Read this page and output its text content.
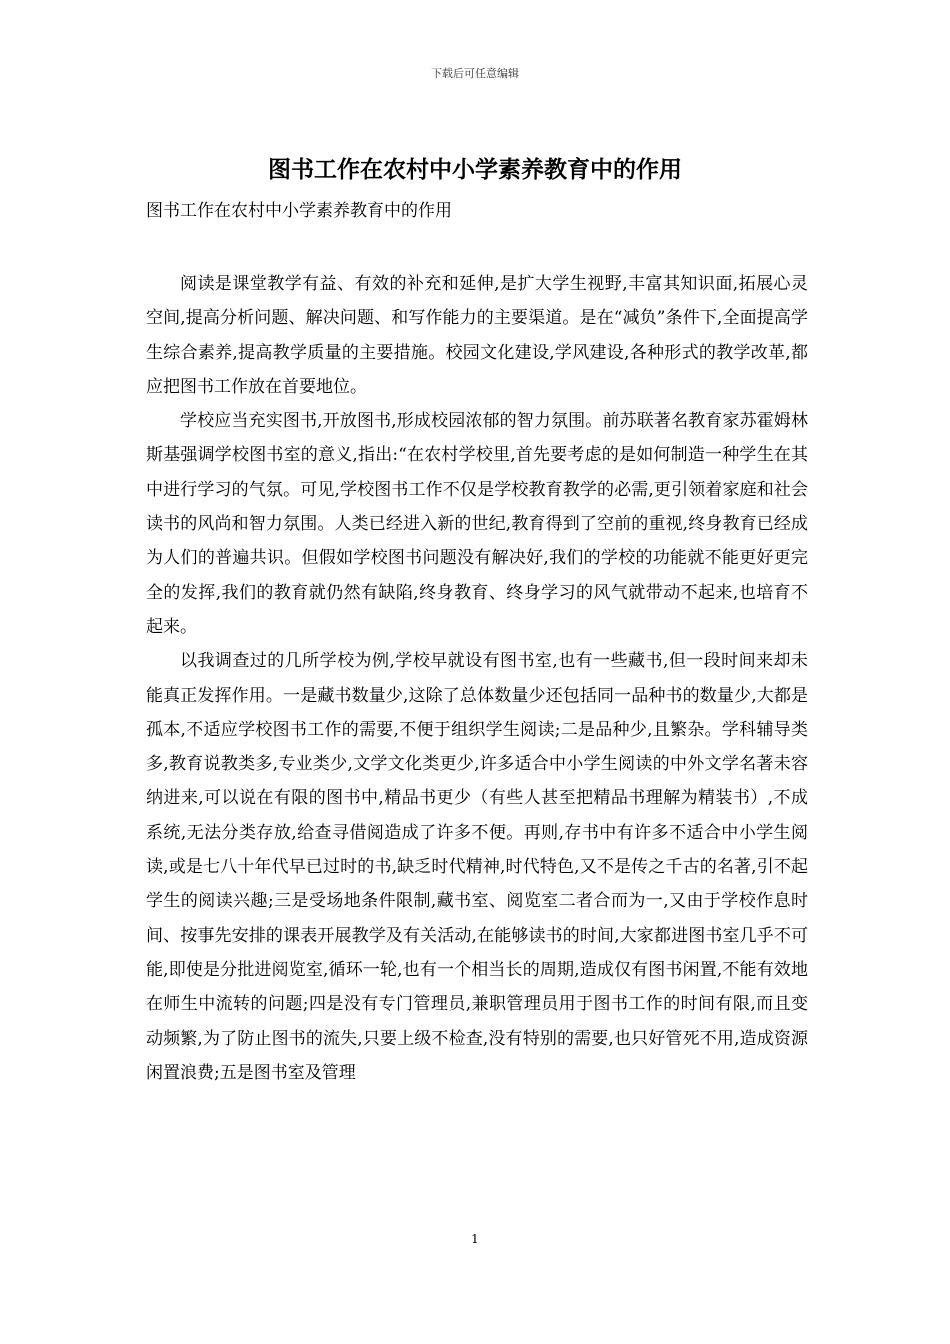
下载后可任意编辑
图书工作在农村中小学素养教育中的作用

图书工作在农村中小学素养教育中的作用

阅读是课堂教学有益、有效的补充和延伸,是扩大学生视野,丰富其知识面,拓展心灵空间,提高分析问题、解决问题、和写作能力的主要渠道。是在“减负”条件下,全面提高学生综合素养,提高教学质量的主要措施。校园文化建设,学风建设,各种形式的教学改革,都应把图书工作放在首要地位。

学校应当充实图书,开放图书,形成校园浓郁的智力氛围。前苏联著名教育家苏霍姆林斯基强调学校图书室的意义,指出:“在农村学校里,首先要考虑的是如何制造一种学生在其中进行学习的气氛。可见,学校图书工作不仅是学校教育教学的必需,更引领着家庭和社会读书的风尚和智力氛围。人类已经进入新的世纪,教育得到了空前的重视,终身教育已经成为人们的普遍共识。但假如学校图书问题没有解决好,我们的学校的功能就不能更好更完全的发挥,我们的教育就仍然有缺陷,终身教育、终身学习的风气就带动不起来,也培育不起来。

以我调查过的几所学校为例,学校早就设有图书室,也有一些藏书,但一段时间来却未能真正发挥作用。一是藏书数量少,这除了总体数量少还包括同一品种书的数量少,大都是孤本,不适应学校图书工作的需要,不便于组织学生阅读;二是品种少,且繁杂。学科辅导类多,教育说教类多,专业类少,文学文化类更少,许多适合中小学生阅读的中外文学名著未容纳进来,可以说在有限的图书中,精品书更少（有些人甚至把精品书理解为精装书）,不成系统,无法分类存放,给查寻借阅造成了许多不便。再则,存书中有许多不适合中小学生阅读,或是七八十年代早已过时的书,缺乏时代精神,时代特色,又不是传之千古的名著,引不起学生的阅读兴趣;三是受场地条件限制,藏书室、阅览室二者合而为一,又由于学校作息时间、按事先安排的课表开展教学及有关活动,在能够读书的时间,大家都进图书室几乎不可能,即使是分批进阅览室,循环一轮,也有一个相当长的周期,造成仅有图书闲置,不能有效地在师生中流转的问题;四是没有专门管理员,兼职管理员用于图书工作的时间有限,而且变动频繁,为了防止图书的流失,只要上级不检查,没有特别的需要,也只好管死不用,造成资源闲置浪费;五是图书室及管理

1
